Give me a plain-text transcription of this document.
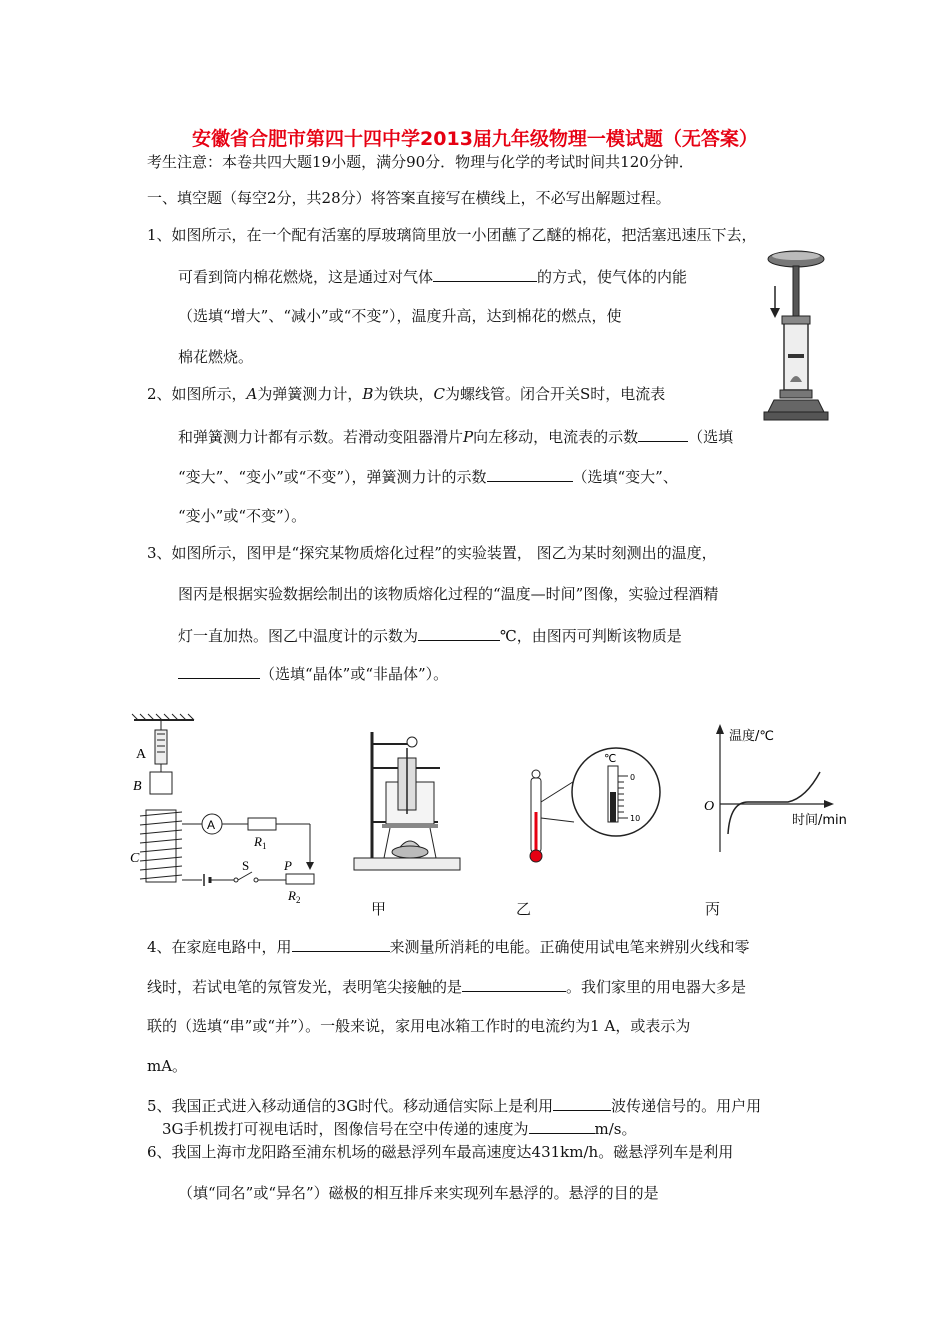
安徽省合肥市第四十四中学2013届九年级物理一模试题（无答案）
考生注意：本卷共四大题19小题，满分90分．物理与化学的考试时间共120分钟．
一、填空题（每空2分，共28分）将答案直接写在横线上，不必写出解题过程。
1、如图所示，在一个配有活塞的厚玻璃筒里放一小团蘸了乙醚的棉花，把活塞迅速压下去，
可看到筒内棉花燃烧，这是通过对气体	的方式，使气体的内能
（选填“增大”、“减小”或“不变”），温度升高，达到棉花的燃点，使
棉花燃烧。
2、如图所示，A为弹簧测力计，B为铁块，C为螺线管。闭合开关S时，电流表
和弹簧测力计都有示数。若滑动变阻器滑片P向左移动，电流表的示数	（选填
“变大”、“变小”或“不变”），弹簧测力计的示数	（选填“变大”、
“变小”或“不变”）。
3、如图所示，图甲是“探究某物质熔化过程”的实验装置， 图乙为某时刻测出的温度，
图丙是根据实验数据绘制出的该物质熔化过程的“温度—时间”图像，实验过程酒精
灯一直加热。图乙中温度计的示数为	℃，由图丙可判断该物质是
（选填“晶体”或“非晶体”）。
A
B
C
A
$R_1$
P
$R_2$
S
℃
0
10
温度/℃
O
时间/min
甲	乙	丙
4、在家庭电路中，用	来测量所消耗的电能。正确使用试电笔来辨别火线和零
线时，若试电笔的氖管发光，表明笔尖接触的是	。我们家里的用电器大多是
联的（选填“串”或“并”）。一般来说，家用电冰箱工作时的电流约为1 A，或表示为
mA。
5、我国正式进入移动通信的3G时代。移动通信实际上是利用	波传递信号的。用户用
3G手机拨打可视电话时，图像信号在空中传递的速度为	m/s。
6、我国上海市龙阳路至浦东机场的磁悬浮列车最高速度达431km/h。磁悬浮列车是利用
（填“同名”或“异名”）磁极的相互排斥来实现列车悬浮的。悬浮的目的是
